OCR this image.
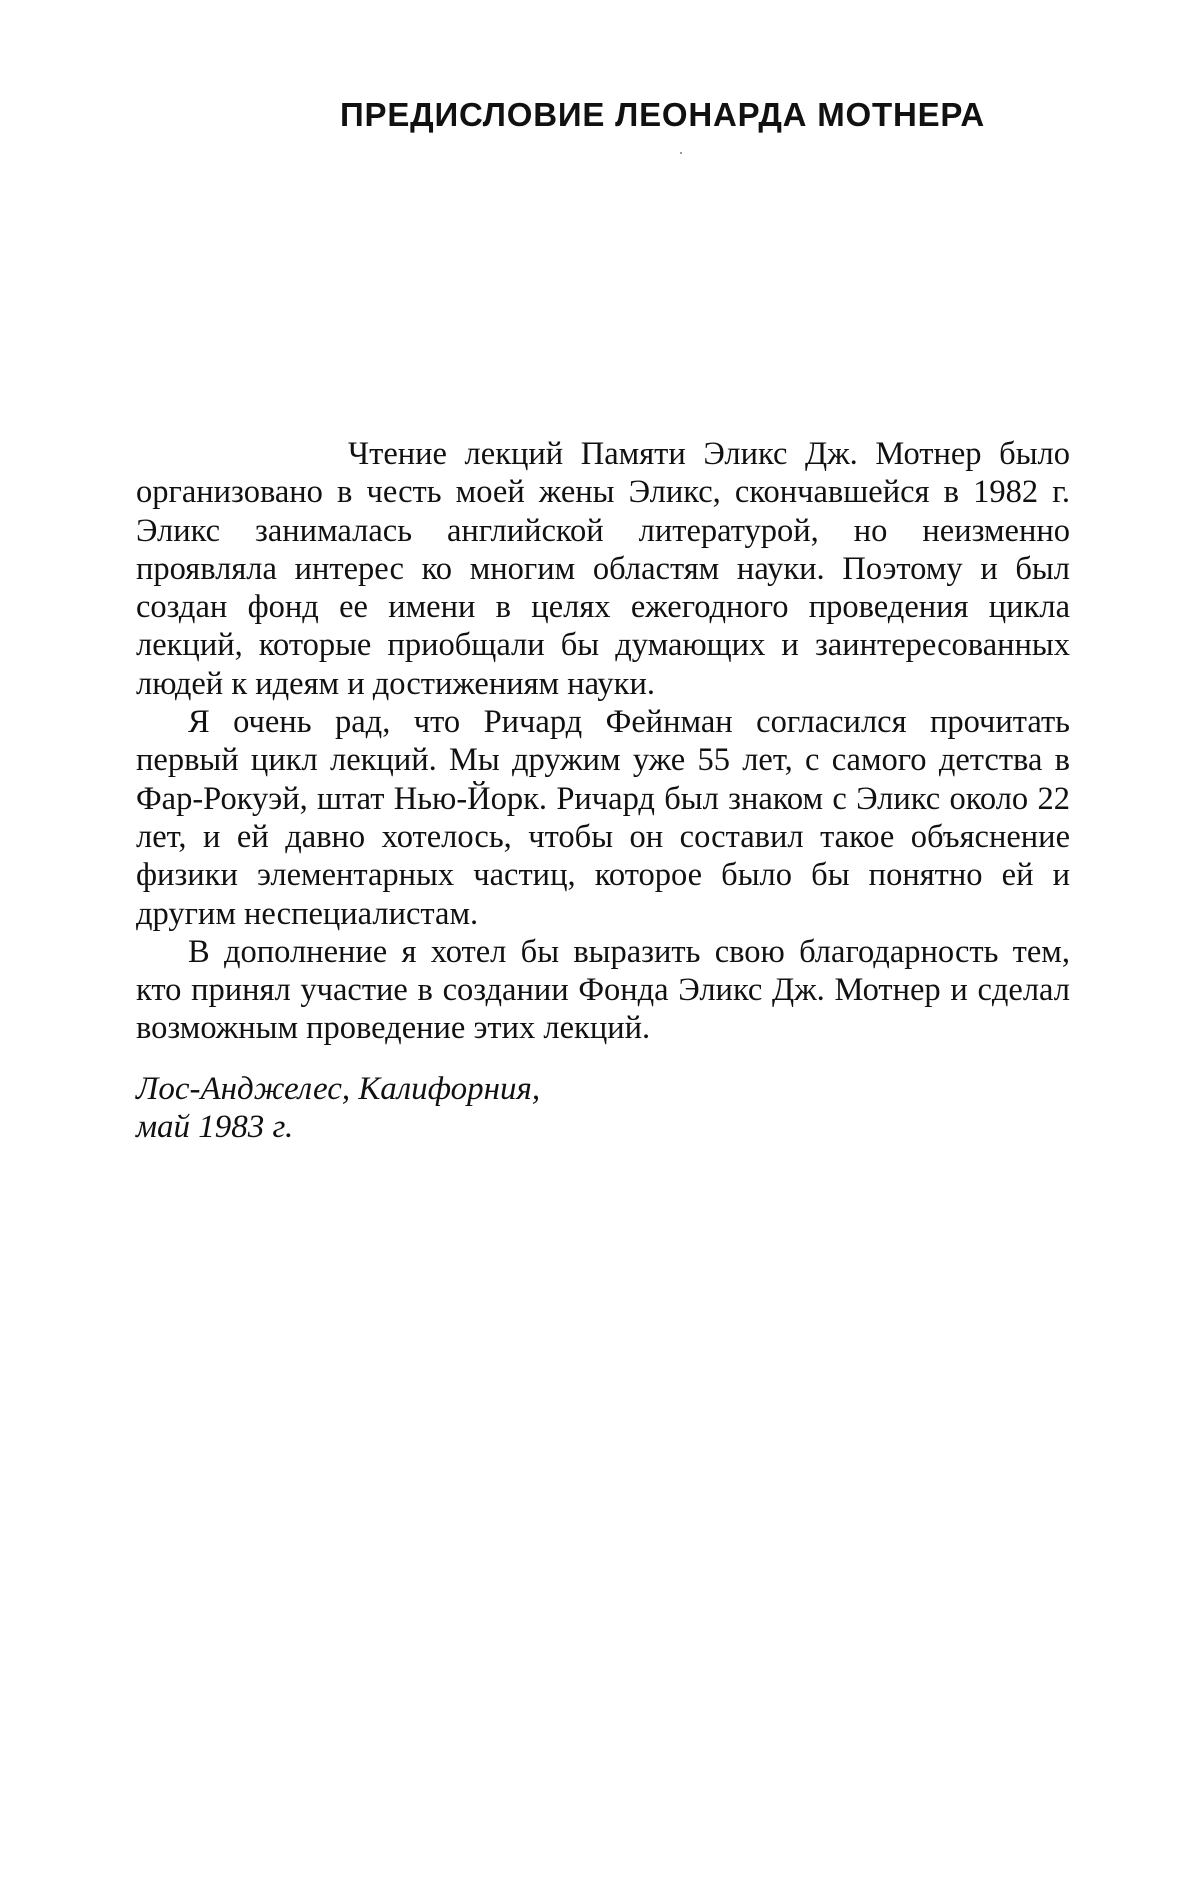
ПРЕДИСЛОВИЕ ЛЕОНАРДА МОТНЕРА

Чтение лекций Памяти Эликс Дж. Мотнер было организовано в честь моей жены Эликс, скончавшейся в 1982 г. Эликс занималась английской литературой, но неизменно проявляла интерес ко многим областям науки. Поэтому и был создан фонд ее имени в целях ежегодного проведения цикла лекций, которые приобщали бы думающих и заинтересованных людей к идеям и достижениям науки.

Я очень рад, что Ричард Фейнман согласился прочитать первый цикл лекций. Мы дружим уже 55 лет, с самого детства в Фар-Рокуэй, штат Нью-Йорк. Ричард был знаком с Эликс около 22 лет, и ей давно хотелось, чтобы он составил такое объяснение физики элементарных частиц, которое было бы понятно ей и другим неспециалистам.

В дополнение я хотел бы выразить свою благодарность тем, кто принял участие в создании Фонда Эликс Дж. Мотнер и сделал возможным проведение этих лекций.

Лос-Анджелес, Калифорния,
май 1983 г.
